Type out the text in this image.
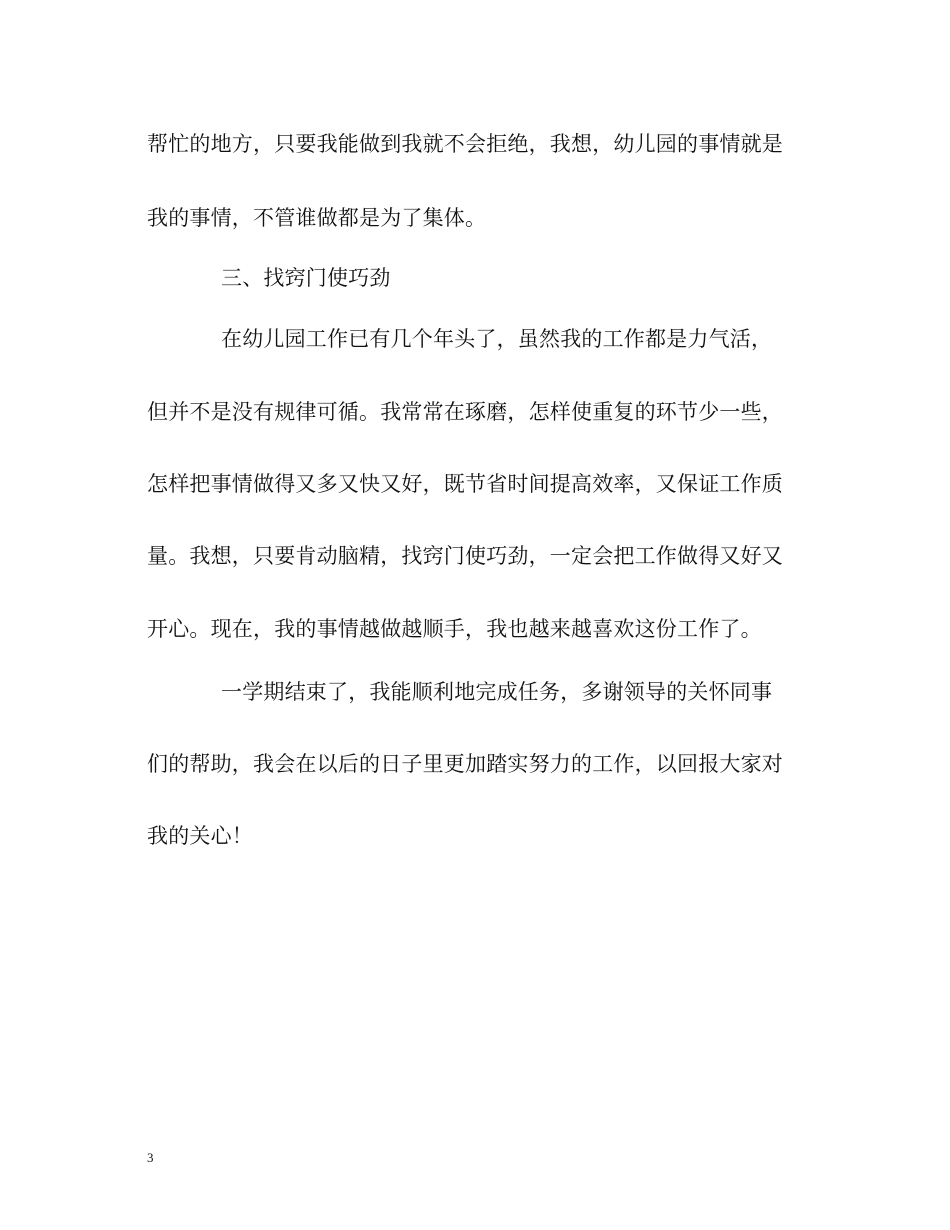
帮忙的地方，只要我能做到我就不会拒绝，我想，幼儿园的事情就是
我的事情，不管谁做都是为了集体。
三、找窍门使巧劲
在幼儿园工作已有几个年头了，虽然我的工作都是力气活，
但并不是没有规律可循。我常常在琢磨，怎样使重复的环节少一些，
怎样把事情做得又多又快又好，既节省时间提高效率，又保证工作质
量。我想，只要肯动脑精，找窍门使巧劲，一定会把工作做得又好又
开心。现在，我的事情越做越顺手，我也越来越喜欢这份工作了。
一学期结束了，我能顺利地完成任务，多谢领导的关怀同事
们的帮助，我会在以后的日子里更加踏实努力的工作，以回报大家对
我的关心！
3
